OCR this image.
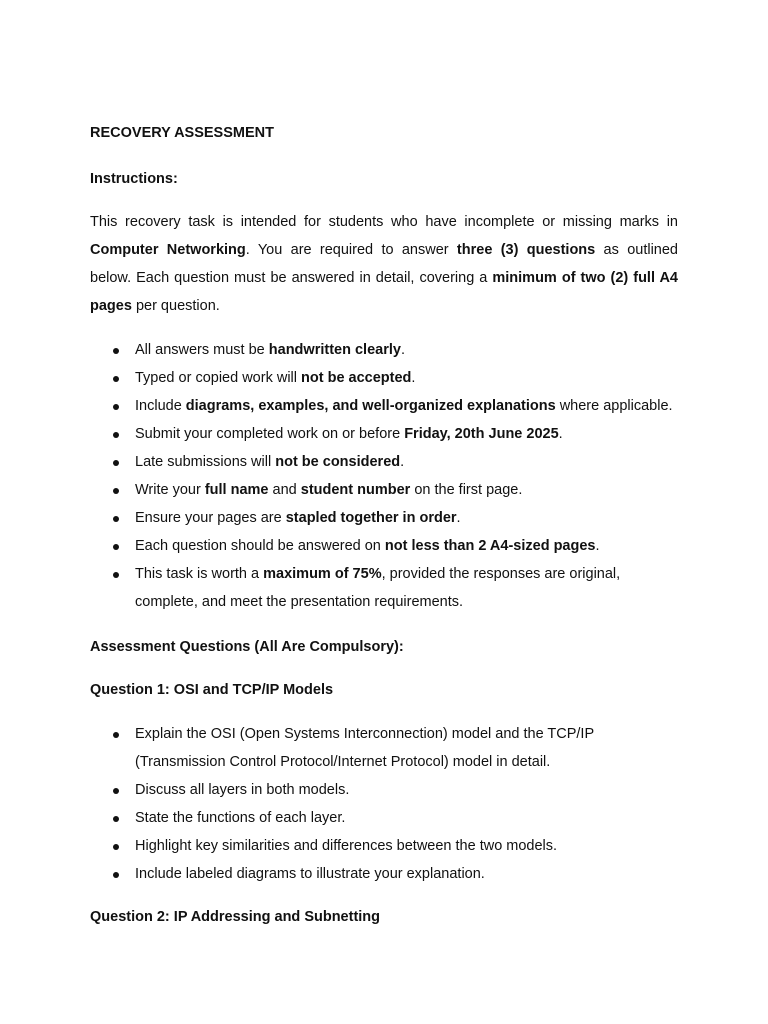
RECOVERY ASSESSMENT
Instructions:
This recovery task is intended for students who have incomplete or missing marks in
Computer Networking. You are required to answer three (3) questions as outlined
below. Each question must be answered in detail, covering a minimum of two (2) full A4
pages per question.
All answers must be handwritten clearly.
Typed or copied work will not be accepted.
Include diagrams, examples, and well-organized explanations where applicable.
Submit your completed work on or before Friday, 20th June 2025.
Late submissions will not be considered.
Write your full name and student number on the first page.
Ensure your pages are stapled together in order.
Each question should be answered on not less than 2 A4-sized pages.
This task is worth a maximum of 75%, provided the responses are original,
complete, and meet the presentation requirements.
Assessment Questions (All Are Compulsory):
Question 1: OSI and TCP/IP Models
Explain the OSI (Open Systems Interconnection) model and the TCP/IP
(Transmission Control Protocol/Internet Protocol) model in detail.
Discuss all layers in both models.
State the functions of each layer.
Highlight key similarities and differences between the two models.
Include labeled diagrams to illustrate your explanation.
Question 2: IP Addressing and Subnetting
